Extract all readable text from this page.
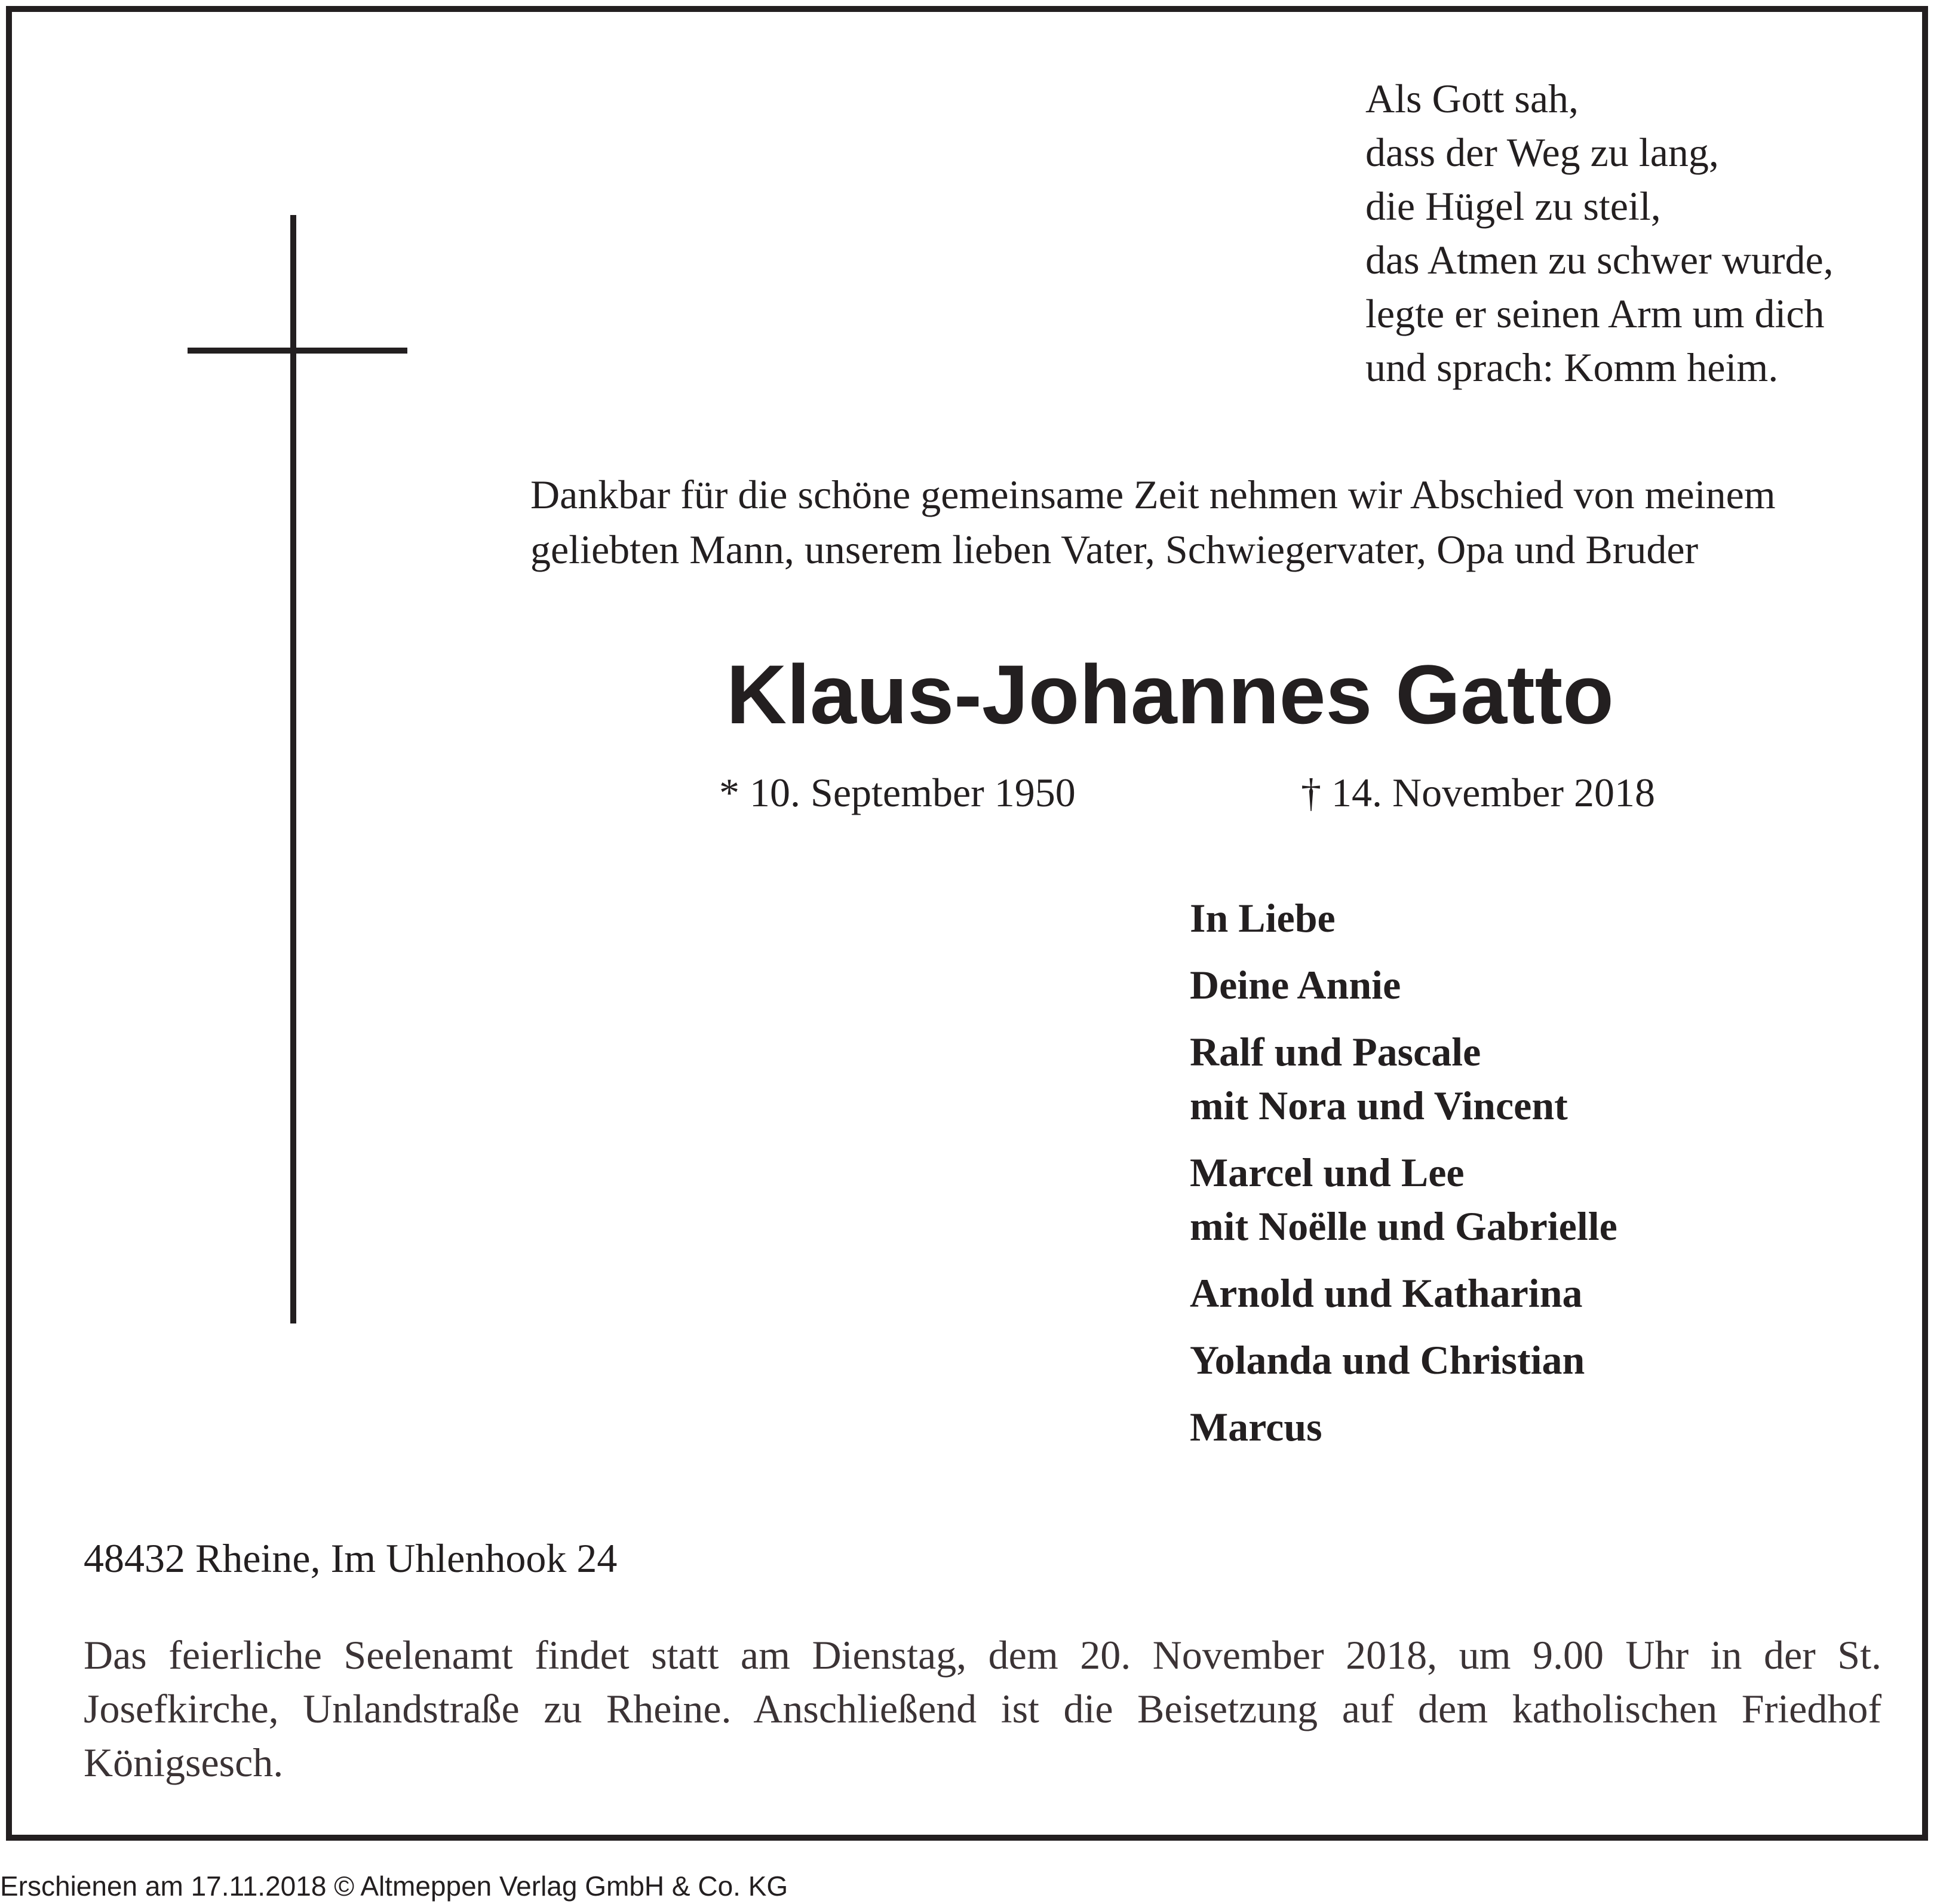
Als Gott sah,
dass der Weg zu lang,
die Hügel zu steil,
das Atmen zu schwer wurde,
legte er seinen Arm um dich
und sprach: Komm heim.
Dankbar für die schöne gemeinsame Zeit nehmen wir Abschied von meinem
geliebten Mann, unserem lieben Vater, Schwiegervater, Opa und Bruder
Klaus-Johannes Gatto
* 10. September 1950	† 14. November 2018
In Liebe
Deine Annie
Ralf und Pascale
mit Nora und Vincent
Marcel und Lee
mit Noëlle und Gabrielle
Arnold und Katharina
Yolanda und Christian
Marcus
48432 Rheine, Im Uhlenhook 24
Das feierliche Seelenamt findet statt am Dienstag, dem 20. November 2018, um 9.00 Uhr in der St. Josefkirche, Unlandstraße zu Rheine. Anschließend ist die Beisetzung auf dem katholischen Friedhof Königsesch.
Erschienen am 17.11.2018 © Altmeppen Verlag GmbH & Co. KG
